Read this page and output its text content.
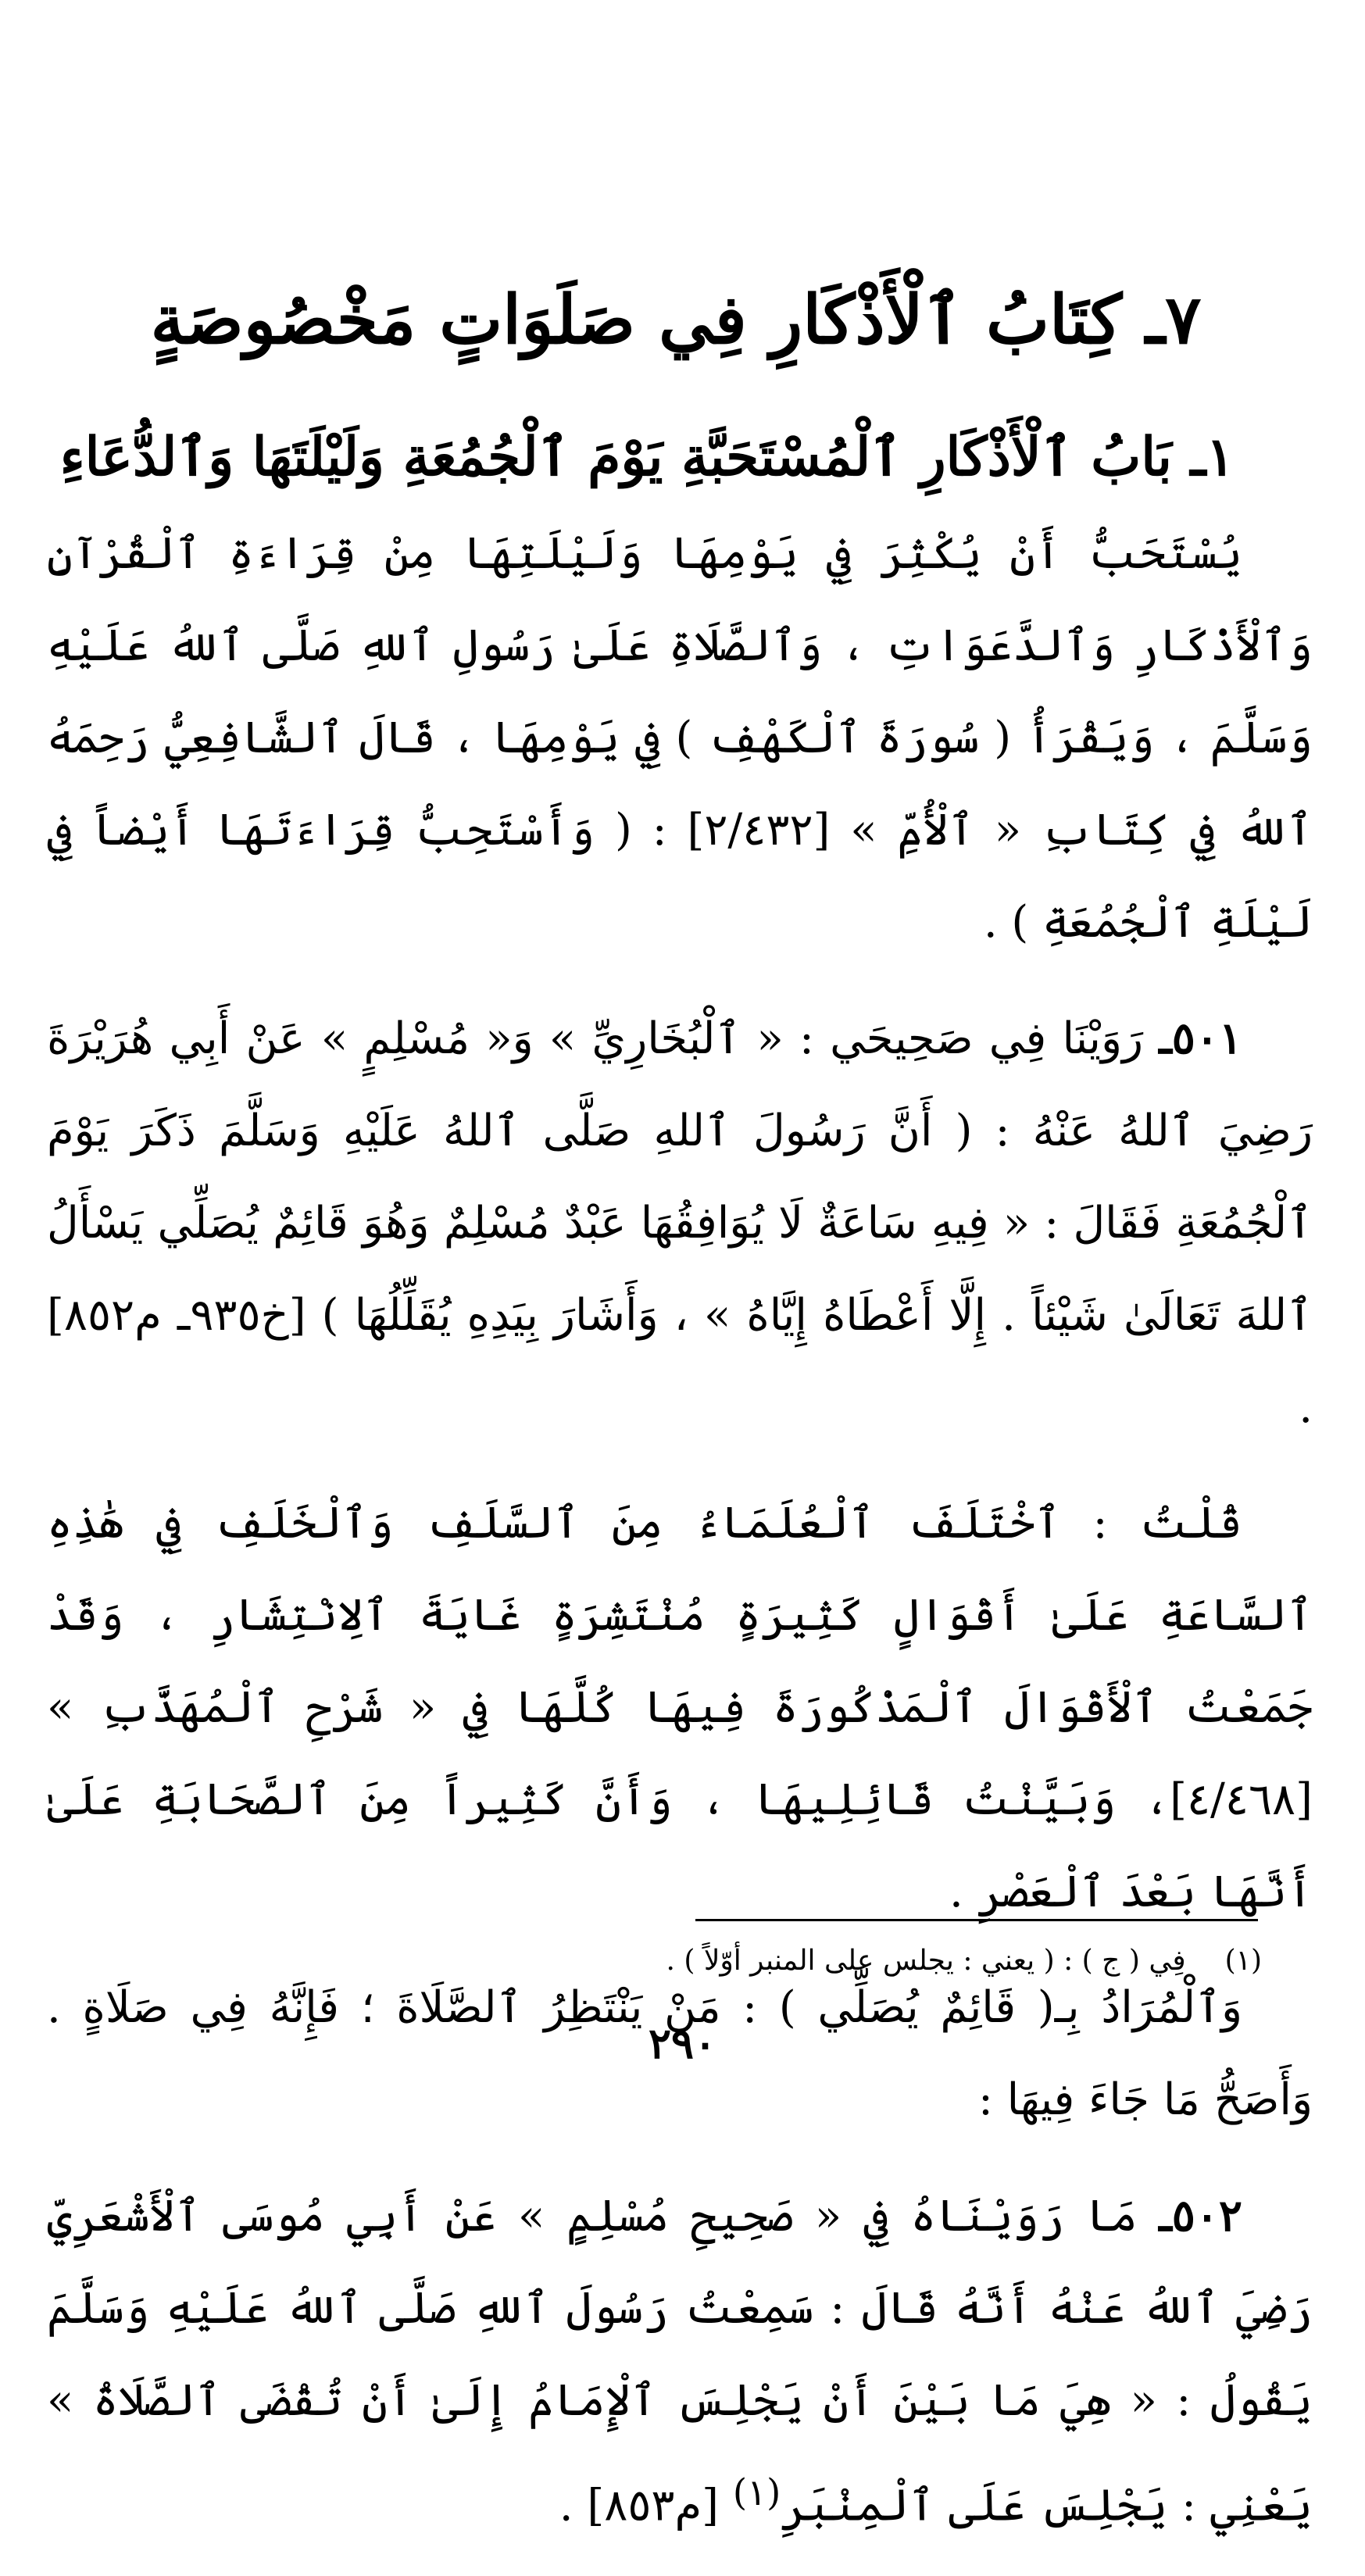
٧ـ كِتَابُ ٱلْأَذْكَارِ فِي صَلَوَاتٍ مَخْصُوصَةٍ
١ـ بَابُ ٱلْأَذْكَارِ ٱلْمُسْتَحَبَّةِ يَوْمَ ٱلْجُمُعَةِ وَلَيْلَتَهَا وَٱلدُّعَاءِ

يُسْتَحَبُّ أَنْ يُكْثِرَ فِي يَوْمِهَا وَلَيْلَتِهَا مِنْ قِرَاءَةِ ٱلْقُرْآنِ وَٱلْأَذْكَارِ وَٱلدَّعَوَاتِ ، وَٱلصَّلَاةِ عَلَىٰ رَسُولِ ٱللهِ صَلَّى ٱللهُ عَلَيْهِ وَسَلَّمَ ، وَيَقْرَأُ ( سُورَةَ ٱلْكَهْفِ ) فِي يَوْمِهَا ، قَالَ ٱلشَّافِعِيُّ رَحِمَهُ ٱللهُ فِي كِتَابِ « ٱلْأُمِّ » [٢/٤٣٢] : ( وَأَسْتَحِبُّ قِرَاءَتَهَا أَيْضاً فِي لَيْلَةِ ٱلْجُمُعَةِ ) .

٥٠١ـ رَوَيْنَا فِي صَحِيحَي : « ٱلْبُخَارِيِّ » وَ« مُسْلِمٍ » عَنْ أَبِي هُرَيْرَةَ رَضِيَ ٱللهُ عَنْهُ : ( أَنَّ رَسُولَ ٱللهِ صَلَّى ٱللهُ عَلَيْهِ وَسَلَّمَ ذَكَرَ يَوْمَ ٱلْجُمُعَةِ فَقَالَ : « فِيهِ سَاعَةٌ لَا يُوَافِقُهَا عَبْدٌ مُسْلِمٌ وَهُوَ قَائِمٌ يُصَلِّي يَسْأَلُ ٱللهَ تَعَالَىٰ شَيْئاً . إِلَّا أَعْطَاهُ إِيَّاهُ » ، وَأَشَارَ بِيَدِهِ يُقَلِّلُهَا ) [خ٩٣٥ـ م٨٥٢] .

قُلْتُ : ٱخْتَلَفَ ٱلْعُلَمَاءُ مِنَ ٱلسَّلَفِ وَٱلْخَلَفِ فِي هَٰذِهِ ٱلسَّاعَةِ عَلَىٰ أَقْوَالٍ كَثِيرَةٍ مُنْتَشِرَةٍ غَايَةَ ٱلِانْتِشَارِ ، وَقَدْ جَمَعْتُ ٱلْأَقْوَالَ ٱلْمَذْكُورَةَ فِيهَا كُلَّهَا فِي « شَرْحِ ٱلْمُهَذَّبِ » [٤/٤٦٨]، وَبَيَّنْتُ قَائِلِيهَا ، وَأَنَّ كَثِيراً مِنَ ٱلصَّحَابَةِ عَلَىٰ أَنَّهَا بَعْدَ ٱلْعَصْرِ .

وَٱلْمُرَادُ بِـ( قَائِمٌ يُصَلِّي ) : مَنْ يَنْتَظِرُ ٱلصَّلَاةَ ؛ فَإِنَّهُ فِي صَلَاةٍ . وَأَصَحُّ مَا جَاءَ فِيهَا :

٥٠٢ـ مَا رَوَيْنَاهُ فِي « صَحِيحِ مُسْلِمٍ » عَنْ أَبِي مُوسَى ٱلْأَشْعَرِيِّ رَضِيَ ٱللهُ عَنْهُ أَنَّهُ قَالَ : سَمِعْتُ رَسُولَ ٱللهِ صَلَّى ٱللهُ عَلَيْهِ وَسَلَّمَ يَقُولُ : « هِيَ مَا بَيْنَ أَنْ يَجْلِسَ ٱلْإِمَامُ إِلَىٰ أَنْ تُقْضَى ٱلصَّلَاةُ » يَعْنِي : يَجْلِسَ عَلَى ٱلْمِنْبَرِ$^{(١)}$ [م٨٥٣] .

(١)فِي ( ج ) : ( يعني : يجلس على المنبر أوّلاً ) .
٢٩٠
